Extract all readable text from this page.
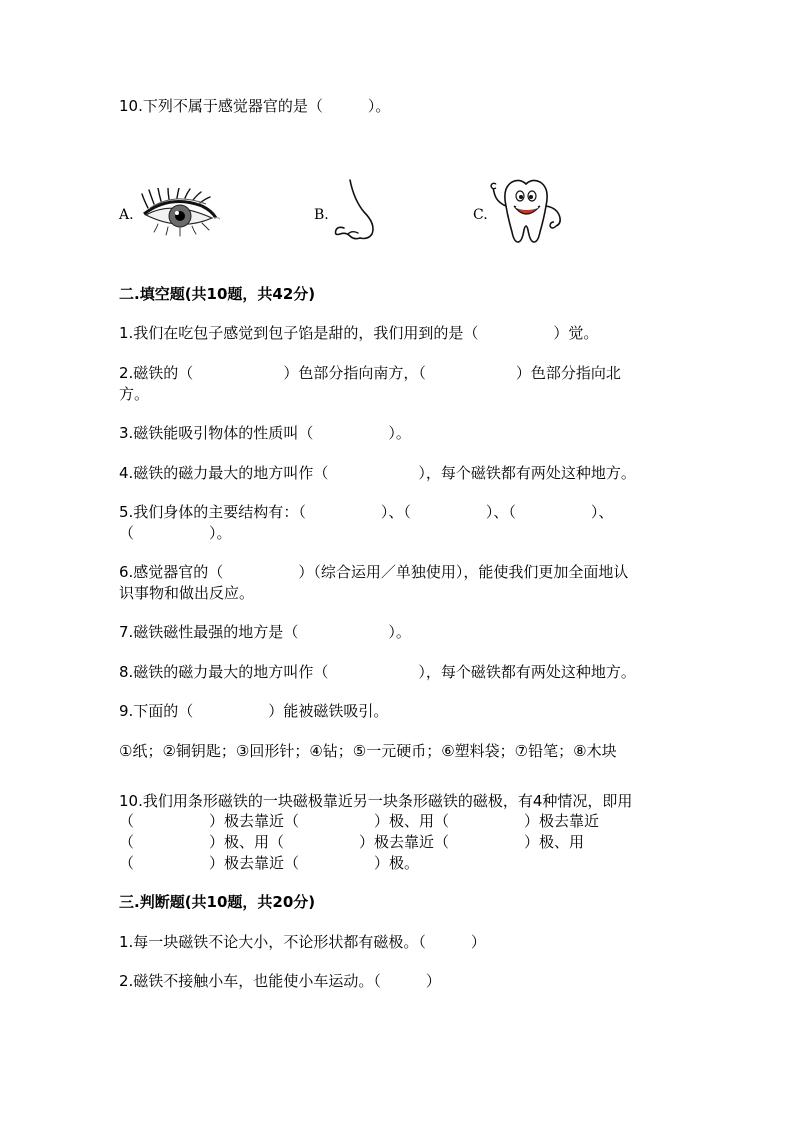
10.下列不属于感觉器官的是（　　　）。
A.	B.	C.
二.填空题(共10题，共42分)
1.我们在吃包子感觉到包子馅是甜的，我们用到的是（　　　　　）觉。
2.磁铁的（　　　　　　）色部分指向南方，（　　　　　　）色部分指向北
方。
3.磁铁能吸引物体的性质叫（　　　　　）。
4.磁铁的磁力最大的地方叫作（　　　　　　），每个磁铁都有两处这种地方。
5.我们身体的主要结构有：（　　　　　）、（　　　　　）、（　　　　　）、
（　　　　　）。
6.感觉器官的（　　　　　）（综合运用／单独使用），能使我们更加全面地认
识事物和做出反应。
7.磁铁磁性最强的地方是（　　　　　　）。
8.磁铁的磁力最大的地方叫作（　　　　　　），每个磁铁都有两处这种地方。
9.下面的（　　　　　）能被磁铁吸引。
①纸；②铜钥匙；③回形针；④钻；⑤一元硬币；⑥塑料袋；⑦铅笔；⑧木块
10.我们用条形磁铁的一块磁极靠近另一块条形磁铁的磁极，有4种情况，即用
（　　　　　）极去靠近（　　　　　）极、用（　　　　　）极去靠近
（　　　　　）极、用（　　　　　）极去靠近（　　　　　）极、用
（　　　　　）极去靠近（　　　　　）极。
三.判断题(共10题，共20分)
1.每一块磁铁不论大小，不论形状都有磁极。（　　　）
2.磁铁不接触小车，也能使小车运动。（　　　）
